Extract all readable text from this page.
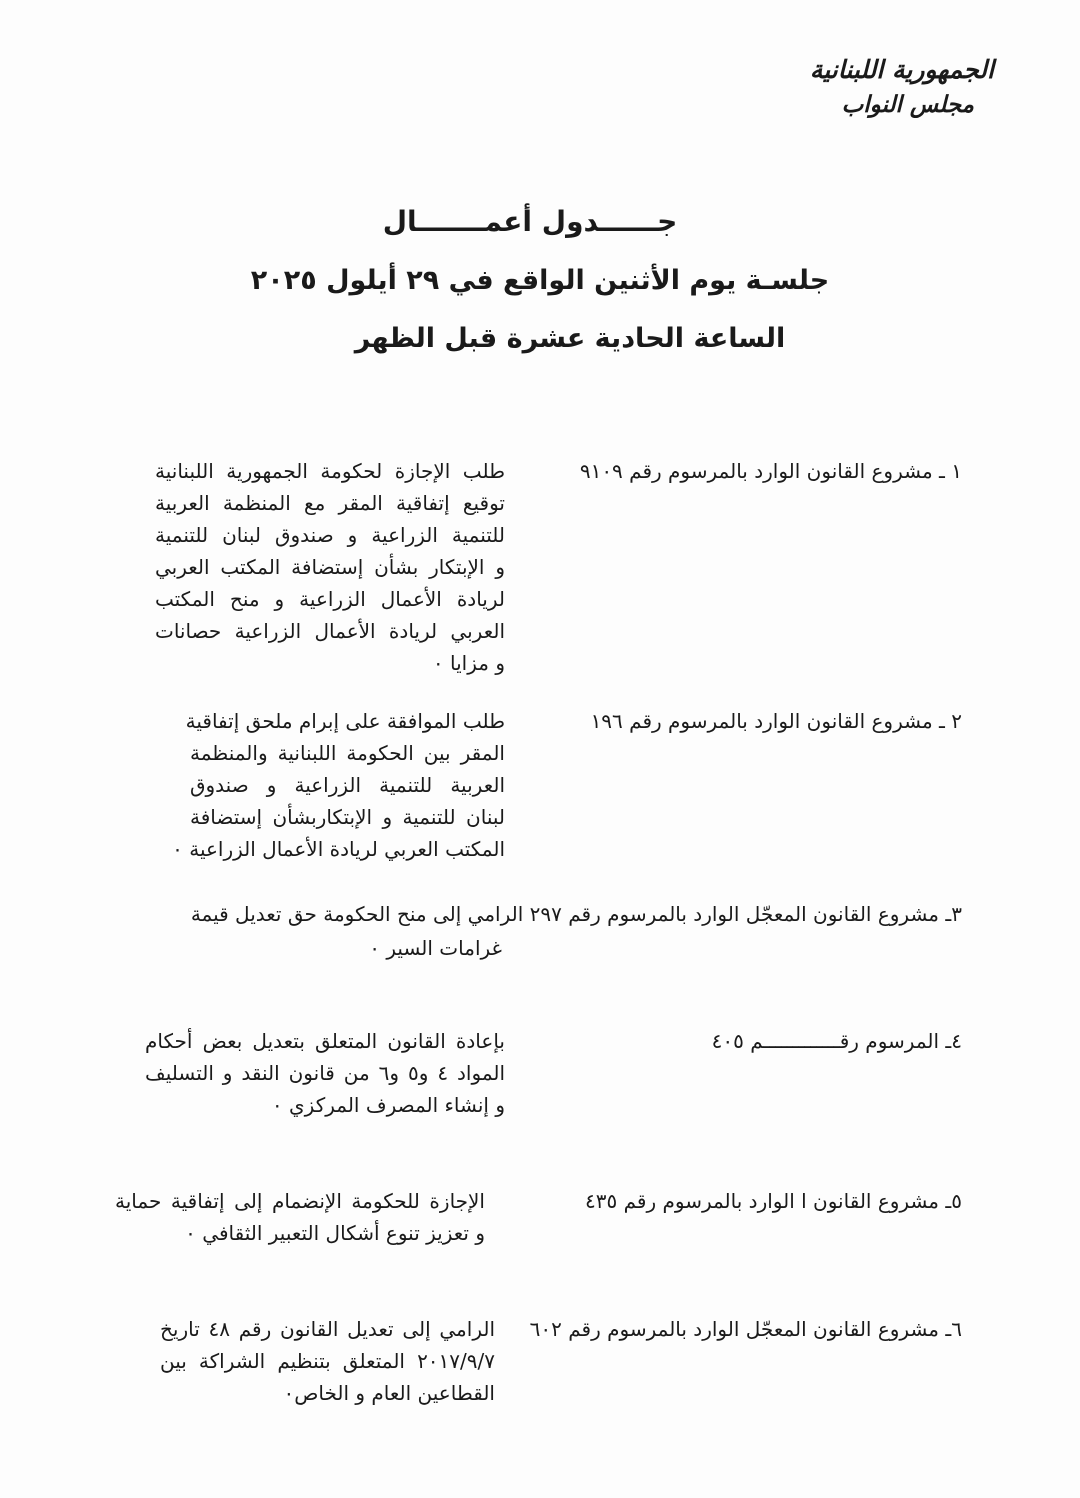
الجمهورية اللبنانية
مجلس النواب
جــــــدول أعمـــــــال
جلسـة يوم الأثنين الواقع في ٢٩ أيلول ٢٠٢٥
الساعة الحادية عشرة قبل الظهر
١ ـ مشروع القانون الوارد بالمرسوم رقم ٩١٠٩
طلب الإجازة لحكومة الجمهورية اللبنانية
توقيع إتفاقية المقر مع المنظمة العربية
للتنمية الزراعية و صندوق لبنان للتنمية
و الإبتكار بشأن إستضافة المكتب العربي
لريادة الأعمال الزراعية و منح المكتب
العربي لريادة الأعمال الزراعية حصانات
و مزايا ٠
٢ ـ مشروع القانون الوارد بالمرسوم رقم ١٩٦
طلب الموافقة على إبرام ملحق إتفاقية
المقر بين الحكومة اللبنانية والمنظمة
العربية للتنمية الزراعية و صندوق
لبنان للتنمية و الإبتكاربشأن إستضافة
المكتب العربي لريادة الأعمال الزراعية ٠
٣ـ مشروع القانون المعجّل الوارد بالمرسوم رقم ٢٩٧ الرامي إلى منح الحكومة حق تعديل قيمة
غرامات السير ٠
٤ـ المرسوم رقـــــــــــــم ٤٠٥
بإعادة القانون المتعلق بتعديل بعض أحكام
المواد ٤ و٥ و٦ من قانون النقد و التسليف
و إنشاء المصرف المركزي ٠
٥ـ مشروع القانون ا الوارد بالمرسوم رقم ٤٣٥
الإجازة للحكومة الإنضمام إلى إتفاقية حماية
و تعزيز تنوع أشكال التعبير الثقافي ٠
٦ـ مشروع القانون المعجّل الوارد بالمرسوم رقم ٦٠٢
الرامي إلى تعديل القانون رقم ٤٨ تاريخ
٢٠١٧/٩/٧ المتعلق بتنظيم الشراكة بين
القطاعين العام و الخاص٠
